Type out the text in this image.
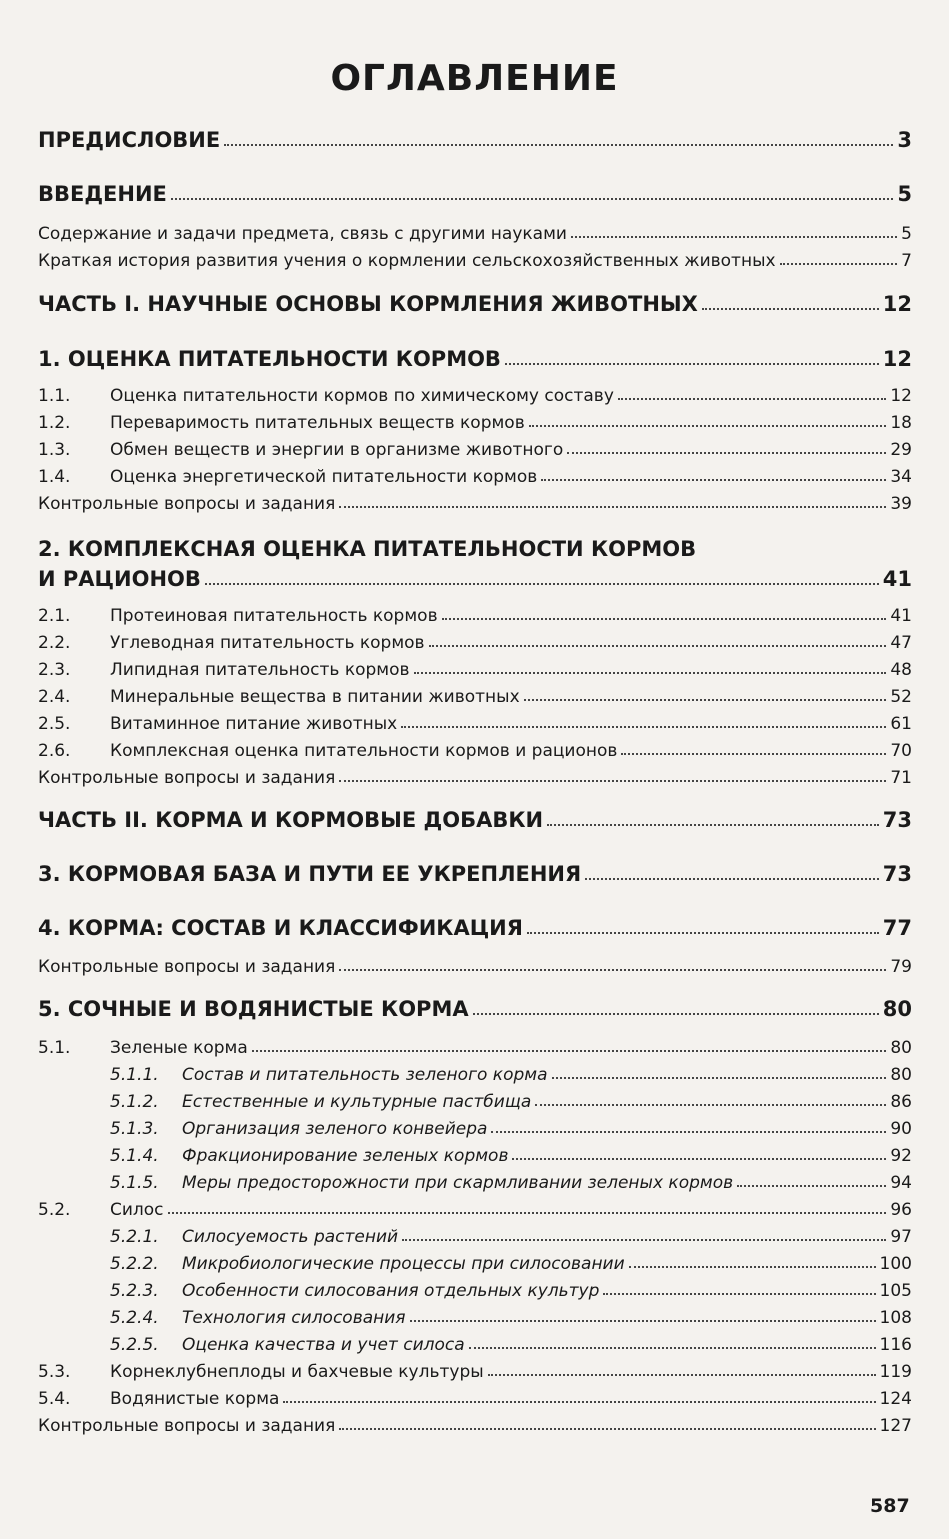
ОГЛАВЛЕНИЕ
ПРЕДИСЛОВИЕ	3
ВВЕДЕНИЕ	5
Содержание и задачи предмета, связь с другими науками	5
Краткая история развития учения о кормлении сельскохозяйственных животных	7
ЧАСТЬ I. НАУЧНЫЕ ОСНОВЫ КОРМЛЕНИЯ ЖИВОТНЫХ	12
1. ОЦЕНКА ПИТАТЕЛЬНОСТИ КОРМОВ	12
1.1.	Оценка питательности кормов по химическому составу	12
1.2.	Переваримость питательных веществ кормов	18
1.3.	Обмен веществ и энергии в организме животного	29
1.4.	Оценка энергетической питательности кормов	34
Контрольные вопросы и задания	39
2. КОМПЛЕКСНАЯ ОЦЕНКА ПИТАТЕЛЬНОСТИ КОРМОВ
И РАЦИОНОВ	41
2.1.	Протеиновая питательность кормов	41
2.2.	Углеводная питательность кормов	47
2.3.	Липидная питательность кормов	48
2.4.	Минеральные вещества в питании животных	52
2.5.	Витаминное питание животных	61
2.6.	Комплексная оценка питательности кормов и рационов	70
Контрольные вопросы и задания	71
ЧАСТЬ II. КОРМА И КОРМОВЫЕ ДОБАВКИ	73
3. КОРМОВАЯ БАЗА И ПУТИ ЕЕ УКРЕПЛЕНИЯ	73
4. КОРМА: СОСТАВ И КЛАССИФИКАЦИЯ	77
Контрольные вопросы и задания	79
5. СОЧНЫЕ И ВОДЯНИСТЫЕ КОРМА	80
5.1.	Зеленые корма	80
5.1.1.	Состав и питательность зеленого корма	80
5.1.2.	Естественные и культурные пастбища	86
5.1.3.	Организация зеленого конвейера	90
5.1.4.	Фракционирование зеленых кормов	92
5.1.5.	Меры предосторожности при скармливании зеленых кормов	94
5.2.	Силос	96
5.2.1.	Силосуемость растений	97
5.2.2.	Микробиологические процессы при силосовании	100
5.2.3.	Особенности силосования отдельных культур	105
5.2.4.	Технология силосования	108
5.2.5.	Оценка качества и учет силоса	116
5.3.	Корнеклубнеплоды и бахчевые культуры	119
5.4.	Водянистые корма	124
Контрольные вопросы и задания	127
587
